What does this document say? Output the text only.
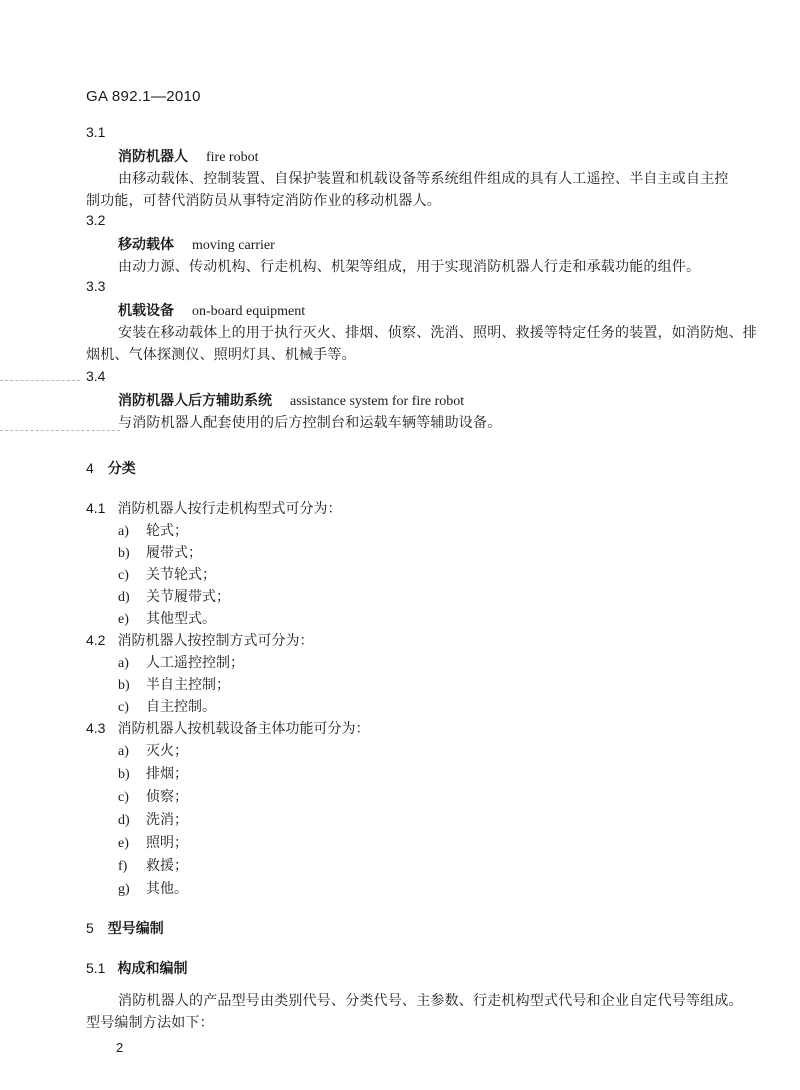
GA 892.1—2010
3.1
消防机器人 fire robot
由移动载体、控制装置、自保护装置和机载设备等系统组件组成的具有人工遥控、半自主或自主控
制功能，可替代消防员从事特定消防作业的移动机器人。
3.2
移动载体 moving carrier
由动力源、传动机构、行走机构、机架等组成，用于实现消防机器人行走和承载功能的组件。
3.3
机载设备 on-board equipment
安装在移动载体上的用于执行灭火、排烟、侦察、洗消、照明、救援等特定任务的装置，如消防炮、排
烟机、气体探测仪、照明灯具、机械手等。
3.4
消防机器人后方辅助系统 assistance system for fire robot
与消防机器人配套使用的后方控制台和运载车辆等辅助设备。
4 分类
4.1 消防机器人按行走机构型式可分为：
a) 轮式；
b) 履带式；
c) 关节轮式；
d) 关节履带式；
e) 其他型式。
4.2 消防机器人按控制方式可分为：
a) 人工遥控控制；
b) 半自主控制；
c) 自主控制。
4.3 消防机器人按机载设备主体功能可分为：
a) 灭火；
b) 排烟；
c) 侦察；
d) 洗消；
e) 照明；
f) 救援；
g) 其他。
5 型号编制
5.1 构成和编制
消防机器人的产品型号由类别代号、分类代号、主参数、行走机构型式代号和企业自定代号等组成。
型号编制方法如下：
2
